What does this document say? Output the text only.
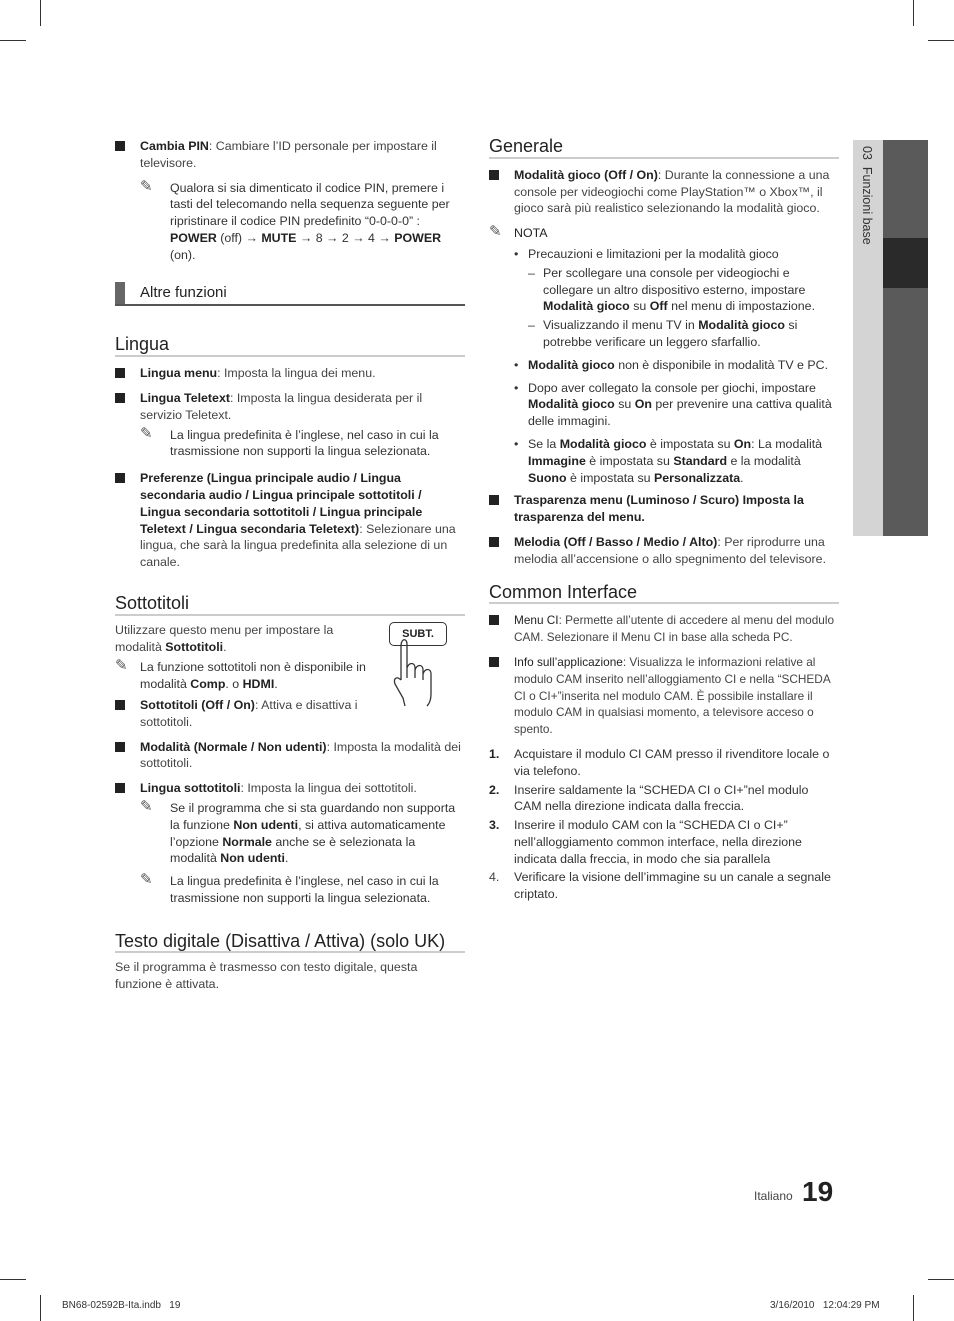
03  Funzioni base
Cambia PIN: Cambiare l’ID personale per impostare il televisore.
✎ Qualora si sia dimenticato il codice PIN, premere i tasti del telecomando nella sequenza seguente per ripristinare il codice PIN predefinito “0-0-0-0” : POWER (off) → MUTE → 8 → 2 → 4 → POWER (on).
Altre funzioni
Lingua
Lingua menu: Imposta la lingua dei menu.
Lingua Teletext: Imposta la lingua desiderata per il servizio Teletext.
✎ La lingua predefinita è l’inglese, nel caso in cui la trasmissione non supporti la lingua selezionata.
Preferenze (Lingua principale audio / Lingua secondaria audio / Lingua principale sottotitoli / Lingua secondaria sottotitoli / Lingua principale Teletext / Lingua secondaria Teletext): Selezionare una lingua, che sarà la lingua predefinita alla selezione di un canale.
Sottotitoli
SUBT.
Utilizzare questo menu per impostare la modalità Sottotitoli.
✎ La funzione sottotitoli non è disponibile in modalità Comp. o HDMI.
Sottotitoli (Off / On): Attiva e disattiva i sottotitoli.
Modalità (Normale / Non udenti): Imposta la modalità dei sottotitoli.
Lingua sottotitoli: Imposta la lingua dei sottotitoli.
✎ Se il programma che si sta guardando non supporta la funzione Non udenti, si attiva automaticamente l’opzione Normale anche se è selezionata la modalità Non udenti.
✎ La lingua predefinita è l’inglese, nel caso in cui la trasmissione non supporti la lingua selezionata.
Testo digitale (Disattiva / Attiva) (solo UK)
Se il programma è trasmesso con testo digitale, questa funzione è attivata.
Generale
Modalità gioco (Off / On): Durante la connessione a una console per videogiochi come PlayStation™ o Xbox™, il gioco sarà più realistico selezionando la modalità gioco.
✎ NOTA
• Precauzioni e limitazioni per la modalità gioco
– Per scollegare una console per videogiochi e collegare un altro dispositivo esterno, impostare Modalità gioco su Off nel menu di impostazione.
– Visualizzando il menu TV in Modalità gioco si potrebbe verificare un leggero sfarfallio.
• Modalità gioco non è disponibile in modalità TV e PC.
• Dopo aver collegato la console per giochi, impostare Modalità gioco su On per prevenire una cattiva qualità delle immagini.
• Se la Modalità gioco è impostata su On: La modalità Immagine è impostata su Standard e la modalità Suono è impostata su Personalizzata.
Trasparenza menu (Luminoso / Scuro) Imposta la trasparenza del menu.
Melodia (Off / Basso / Medio / Alto): Per riprodurre una melodia all’accensione o allo spegnimento del televisore.
Common Interface
Menu CI: Permette all’utente di accedere al menu del modulo CAM. Selezionare il Menu CI in base alla scheda PC.
Info sull’applicazione: Visualizza le informazioni relative al modulo CAM inserito nell’alloggiamento CI e nella “SCHEDA CI o CI+”inserita nel modulo CAM. È possibile installare il modulo CAM in qualsiasi momento, a televisore acceso o spento.
1. Acquistare il modulo CI CAM presso il rivenditore locale o via telefono.
2. Inserire saldamente la “SCHEDA CI o CI+”nel modulo CAM nella direzione indicata dalla freccia.
3. Inserire il modulo CAM con la “SCHEDA CI o CI+” nell’alloggiamento common interface, nella direzione indicata dalla freccia, in modo che sia parallela
4. Verificare la visione dell’immagine su un canale a segnale criptato.
Italiano 19
BN68-02592B-Ita.indb   19	3/16/2010   12:04:29 PM
